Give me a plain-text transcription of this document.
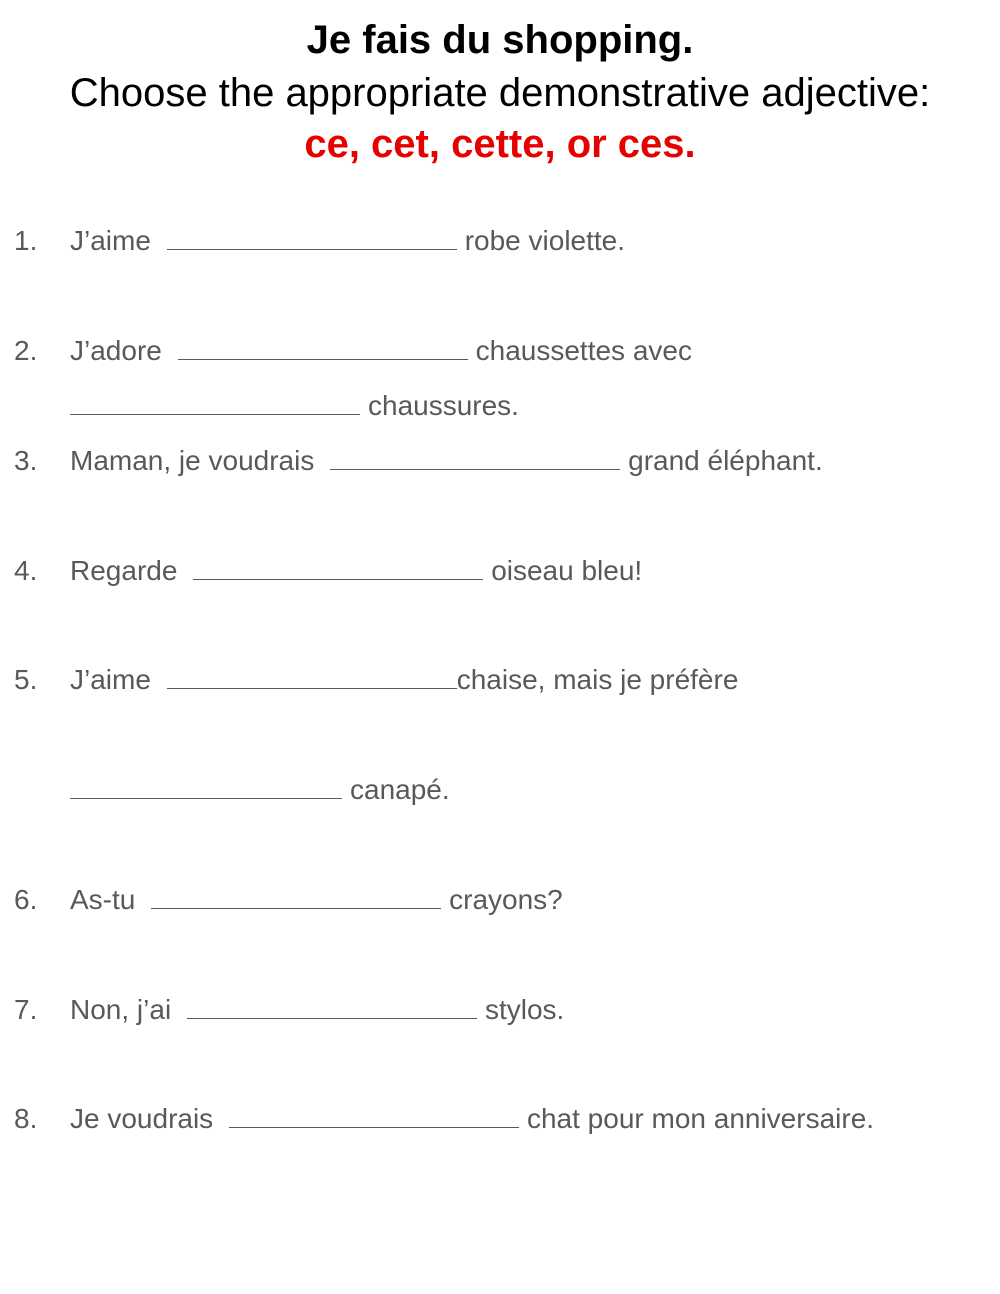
Je fais du shopping.
Choose the appropriate demonstrative adjective:
ce, cet, cette, or ces.
1.	J’aime	robe violette.
2.	J’adore	chaussettes avec
chaussures.
3.	Maman, je voudrais	grand éléphant.
4.	Regarde	oiseau bleu!
5.	J’aime	chaise, mais je préfère
canapé.
6.	As-tu	crayons?
7.	Non, j’ai	stylos.
8.	Je voudrais	chat pour mon anniversaire.
